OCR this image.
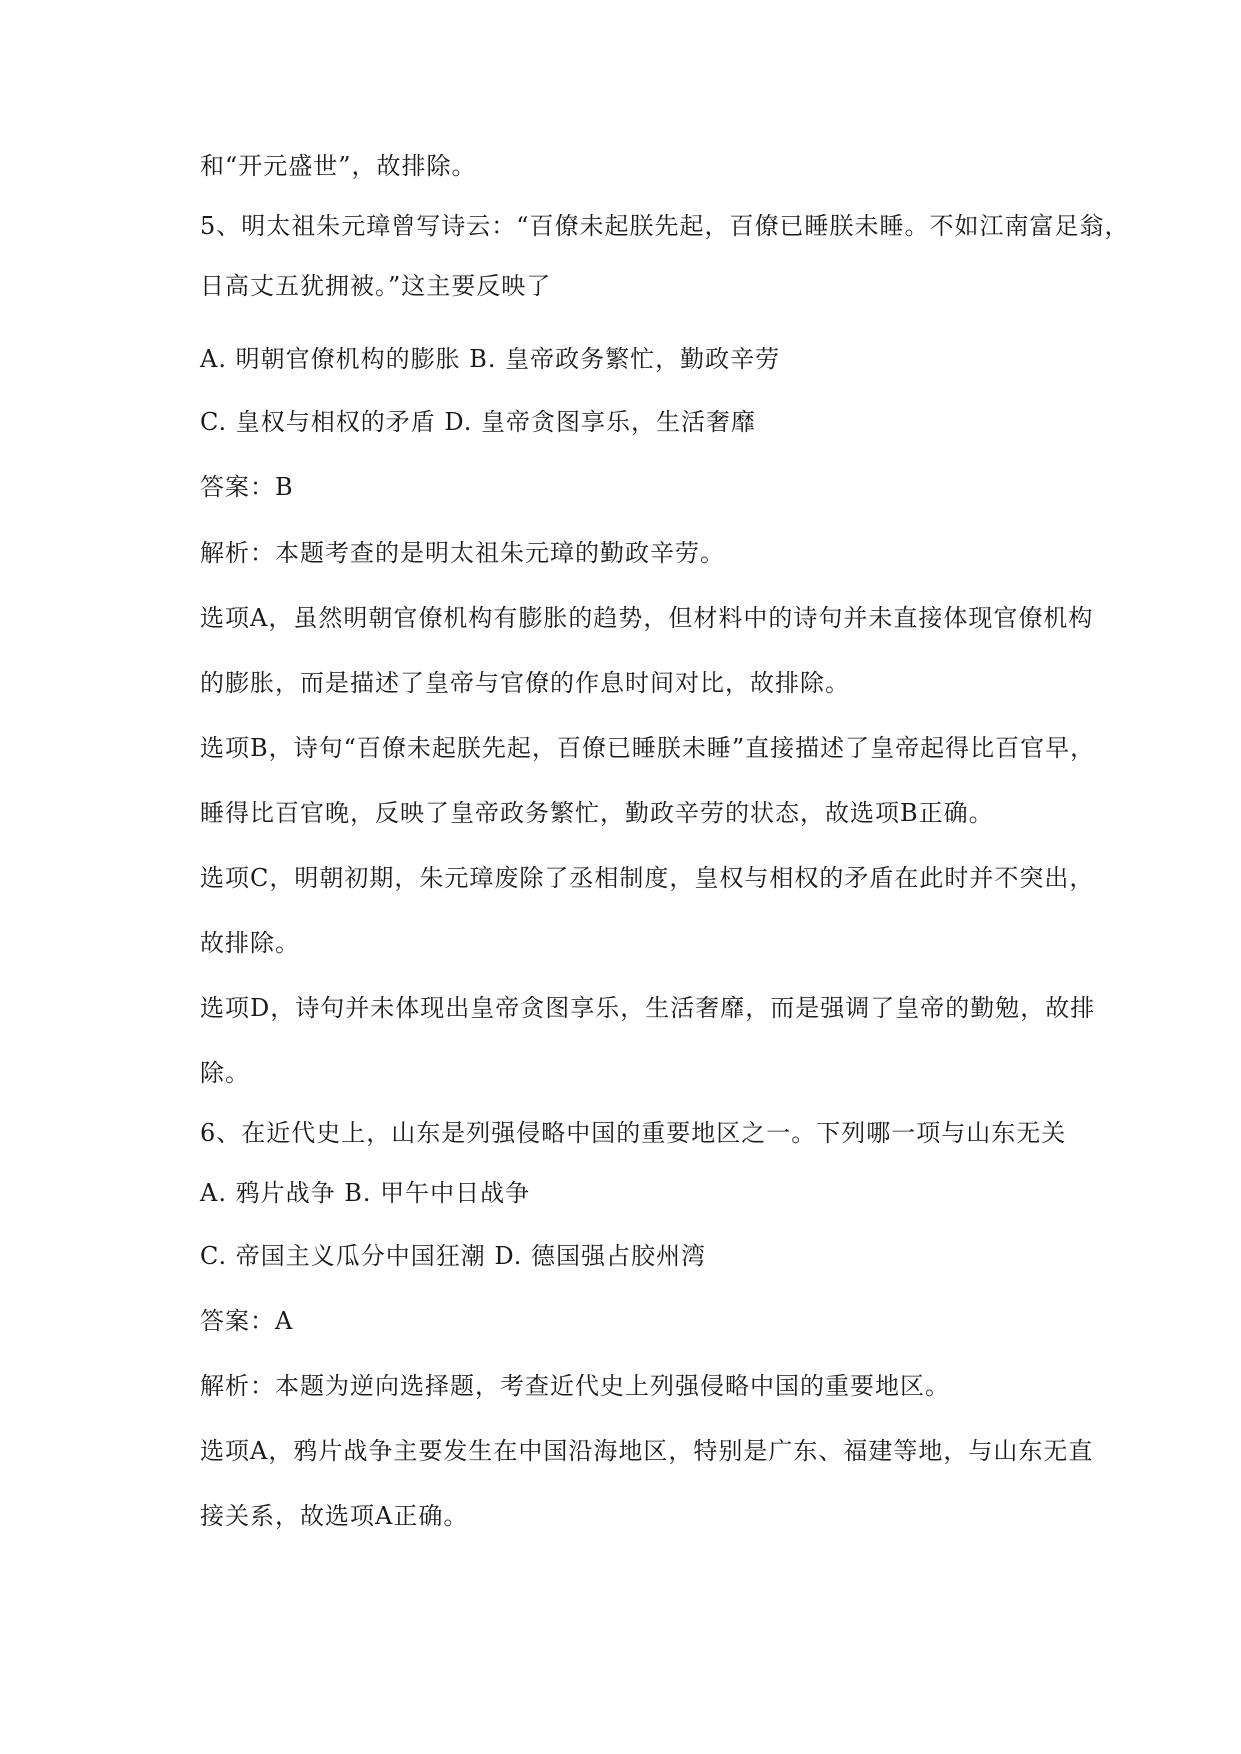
和“开元盛世”，故排除。
5、明太祖朱元璋曾写诗云：“百僚未起朕先起，百僚已睡朕未睡。不如江南富足翁，
日高丈五犹拥被。”这主要反映了
A. 明朝官僚机构的膨胀 B. 皇帝政务繁忙，勤政辛劳
C. 皇权与相权的矛盾 D. 皇帝贪图享乐，生活奢靡
答案：B
解析：本题考查的是明太祖朱元璋的勤政辛劳。
选项A，虽然明朝官僚机构有膨胀的趋势，但材料中的诗句并未直接体现官僚机构
的膨胀，而是描述了皇帝与官僚的作息时间对比，故排除。
选项B，诗句“百僚未起朕先起，百僚已睡朕未睡”直接描述了皇帝起得比百官早，
睡得比百官晚，反映了皇帝政务繁忙，勤政辛劳的状态，故选项B正确。
选项C，明朝初期，朱元璋废除了丞相制度，皇权与相权的矛盾在此时并不突出，
故排除。
选项D，诗句并未体现出皇帝贪图享乐，生活奢靡，而是强调了皇帝的勤勉，故排
除。
6、在近代史上，山东是列强侵略中国的重要地区之一。下列哪一项与山东无关
A. 鸦片战争 B. 甲午中日战争
C. 帝国主义瓜分中国狂潮 D. 德国强占胶州湾
答案：A
解析：本题为逆向选择题，考查近代史上列强侵略中国的重要地区。
选项A，鸦片战争主要发生在中国沿海地区，特别是广东、福建等地，与山东无直
接关系，故选项A正确。
